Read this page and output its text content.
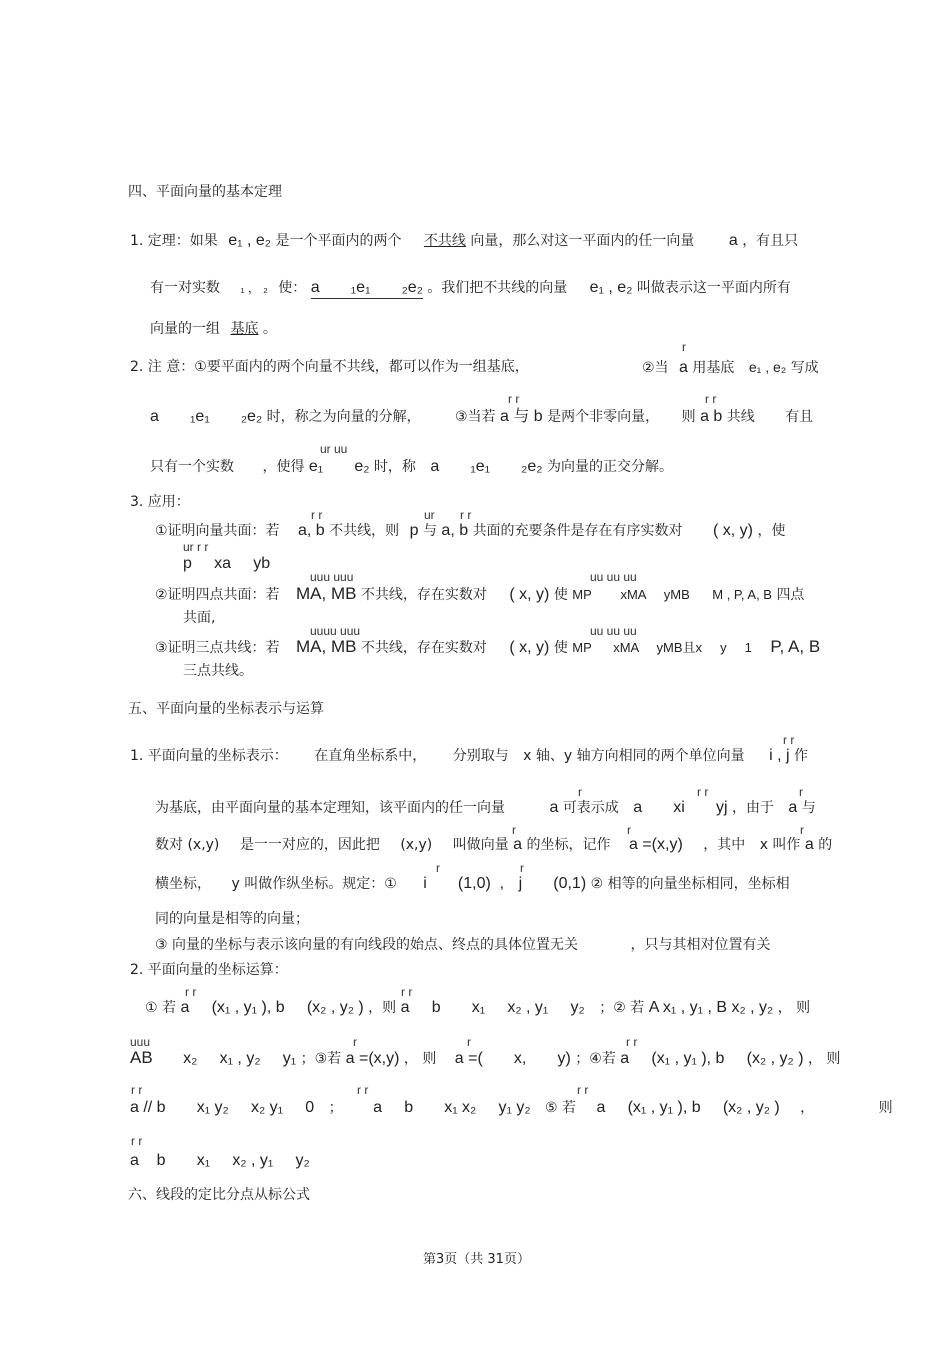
四、平面向量的基本定理
1. 定理：如果 e₁ , e₂ 是一个平面内的两个 不共线 向量，那么对这一平面内的任一向量 a ，有且只
有一对实数 ₁ ， ₂ 使： a       ₁e₁       ₂e₂ 。我们把不共线的向量 e₁ , e₂ 叫做表示这一平面内所有
向量的一组 基底 。
r
2. 注 意：①要平面内的两个向量不共线，都可以作为一组基底，	②当 a 用基底 e₁ , e₂ 写成
r r	r r
a       ₁e₁       ₂e₂ 时，称之为向量的分解， ③当若 a 与 b 是两个非零向量， 则 a b 共线 有且
ur uu
只有一个实数 ，使得 e₁       e₂ 时，称 a       ₁e₁       ₂e₂ 为向量的正交分解。
3. 应用：
r r	ur r r
①证明向量共面：若 a, b 不共线，则 p 与 a, b 共面的充要条件是存在有序实数对 ( x, y) ，使
ur r r
p     xa     yb
uuu uuu	uu uu uu
②证明四点共面：若 MA, MB 不共线，存在实数对 ( x, y) 使 MP        xMA     yMB M , P, A, B 四点
共面,
uuuu uuu	uu uu uu
③证明三点共线：若 MA, MB 不共线，存在实数对 ( x, y) 使 MP      xMA     yMB且x     y     1 P, A, B
三点共线。
五、平面向量的坐标表示与运算
r r
1. 平面向量的坐标表示： 在直角坐标系中， 分别取与 x 轴、y 轴方向相同的两个单位向量 i , j 作
r	r r	r
为基底，由平面向量的基本定理知，该平面内的任一向量	a 可表示成 a       xi       yj ，由于 a 与
r	r	r
数对 (x,y) 是一一对应的，因此把 (x,y) 叫做向量 a 的坐标，记作 a =(x,y) ，其中 x 叫作 a 的
r	r
横坐标， y 叫做作纵坐标。规定：① i       (1,0)  , j       (0,1) ② 相等的向量坐标相同，坐标相
同的向量是相等的向量；
③ 向量的坐标与表示该向量的有向线段的始点、终点的具体位置无关	，只与其相对位置有关
2. 平面向量的坐标运算：
r r	r r
① 若 a     (x₁ , y₁ ), b     (x₂ , y₂ ) ，则 a     b       x₁     x₂ , y₁     y₂ ；② 若 A x₁ , y₁ , B x₂ , y₂ ， 则
uuu	r	r	r r
AB x₂     x₁ , y₂     y₁ ；③若 a =(x,y) ， 则 a =(       x,       y) ；④若 a     (x₁ , y₁ ), b     (x₂ , y₂ ) ， 则
r r	r r	r r
a // b       x₁ y₂     x₂ y₁     0 ； a     b       x₁ x₂     y₁ y₂ ⑤ 若 a     (x₁ , y₁ ), b     (x₂ , y₂ ) ，	则
r r
a    b       x₁     x₂ , y₁     y₂
六、线段的定比分点从标公式
第3页（共 31页）
